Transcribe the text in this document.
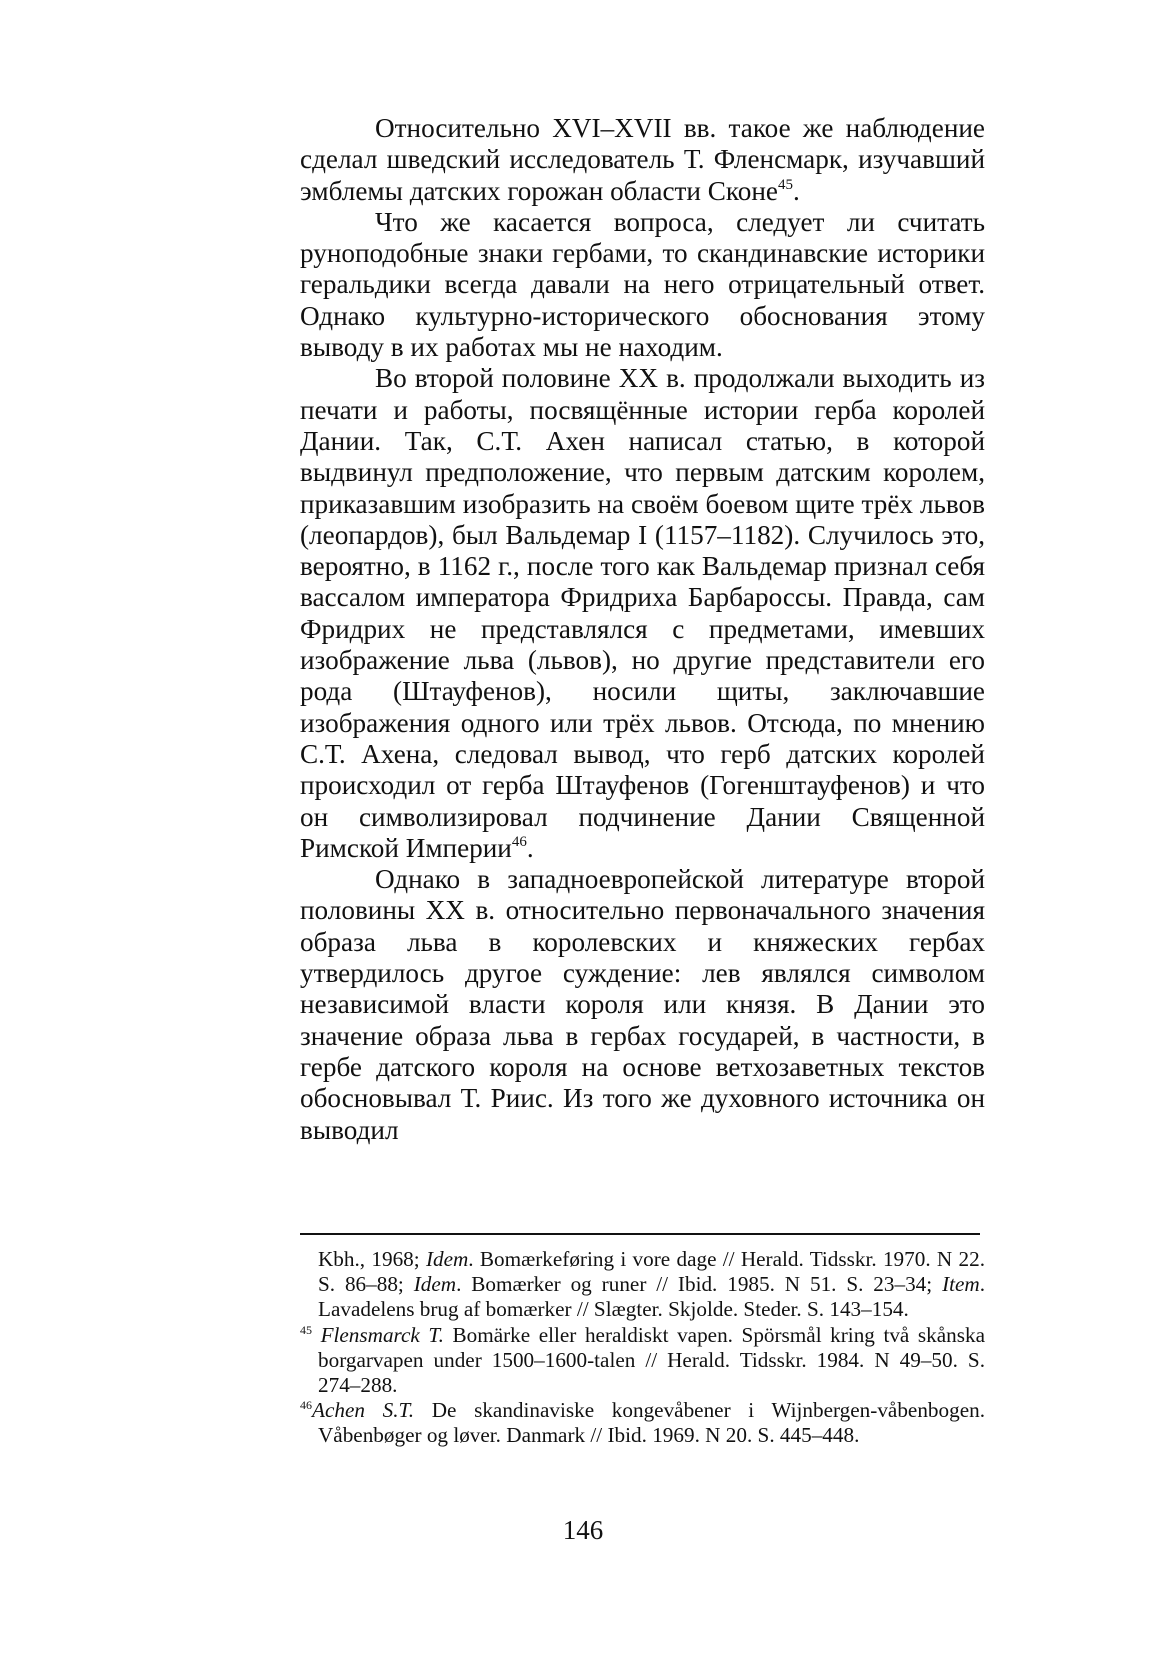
Относительно XVI–XVII вв. такое же наблюдение сделал шведский исследователь Т. Фленсмарк, изучавший эмблемы датских горожан области Сконе$^{45}$.

Что же касается вопроса, следует ли считать руноподобные знаки гербами, то скандинавские историки геральдики всегда давали на него отрицательный ответ. Однако культурно-исторического обоснования этому выводу в их работах мы не находим.

Во второй половине XX в. продолжали выходить из печати и работы, посвящённые истории герба королей Дании. Так, С.Т. Ахен написал статью, в которой выдвинул предположение, что первым датским королем, приказавшим изобразить на своём боевом щите трёх львов (леопардов), был Вальдемар I (1157–1182). Случилось это, вероятно, в 1162 г., после того как Вальдемар признал себя вассалом императора Фридриха Барбароссы. Правда, сам Фридрих не представлялся с предметами, имевших изображение льва (львов), но другие представители его рода (Штауфенов), носили щиты, заключавшие изображения одного или трёх львов. Отсюда, по мнению С.Т. Ахена, следовал вывод, что герб датских королей происходил от герба Штауфенов (Гогенштауфенов) и что он символизировал подчинение Дании Священной Римской Империи$^{46}$.

Однако в западноевропейской литературе второй половины XX в. относительно первоначального значения образа льва в королевских и княжеских гербах утвердилось другое суждение: лев являлся символом независимой власти короля или князя. В Дании это значение образа льва в гербах государей, в частности, в гербе датского короля на основе ветхозаветных текстов обосновывал Т. Риис. Из того же духовного источника он выводил

Kbh., 1968; Idem. Bomærkeføring i vore dage // Herald. Tidsskr. 1970. N 22. S. 86–88; Idem. Bomærker og runer // Ibid. 1985. N 51. S. 23–34; Item. Lavadelens brug af bomærker // Slægter. Skjolde. Steder. S. 143–154.

$^{45}$ Flensmarck T. Bomärke eller heraldiskt vapen. Spörsmål kring två skånska borgarvapen under 1500–1600-talen // Herald. Tidsskr. 1984. N 49–50. S. 274–288.

$^{46}$Achen S.T. De skandinaviske kongevåbener i Wijnbergen-våbenbogen. Våbenbøger og løver. Danmark // Ibid. 1969. N 20. S. 445–448.

146
